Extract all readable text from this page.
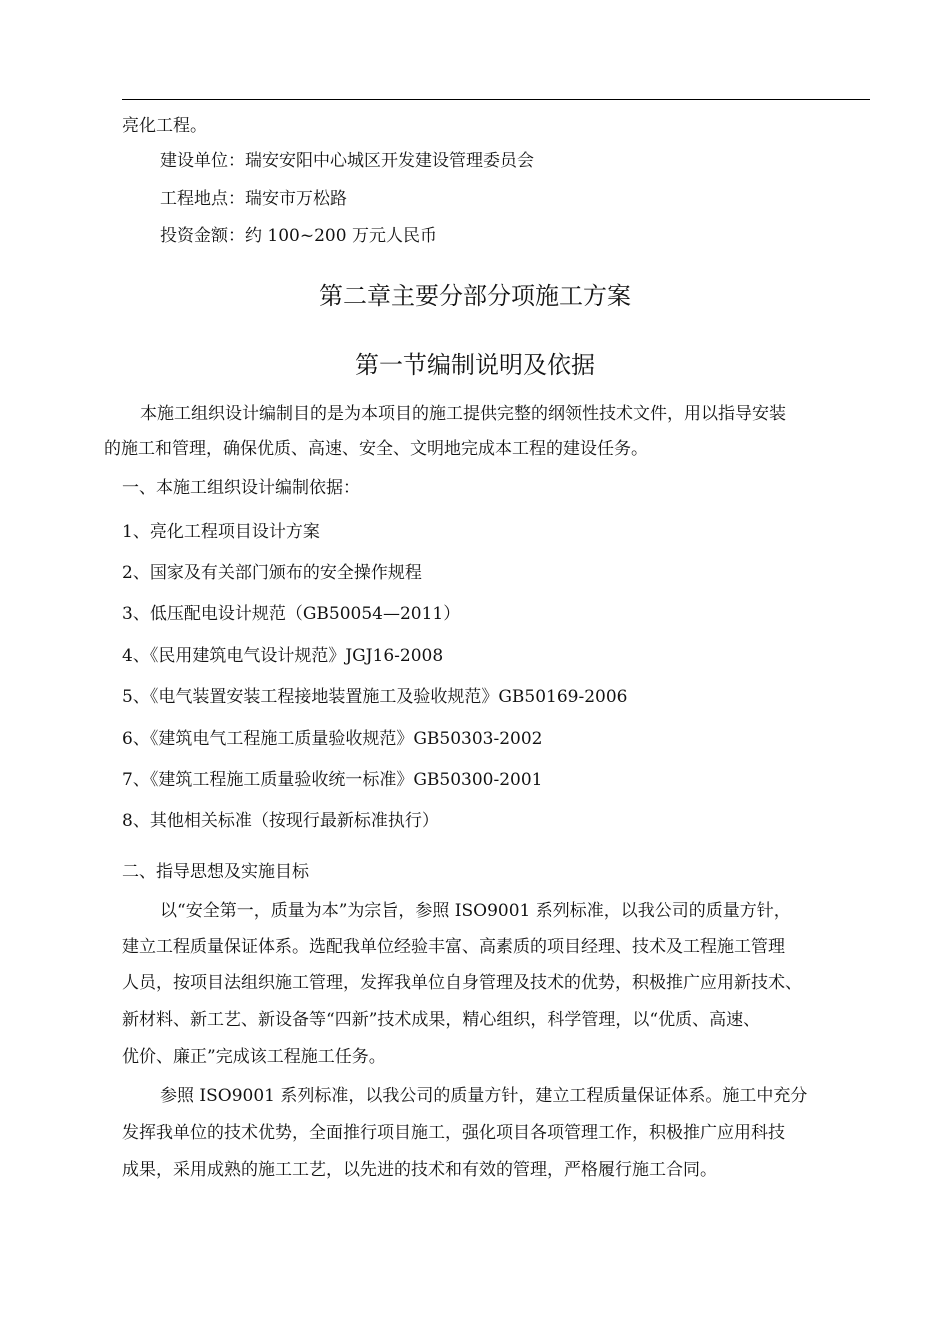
亮化工程。
建设单位：瑞安安阳中心城区开发建设管理委员会
工程地点：瑞安市万松路
投资金额：约 100~200 万元人民币
第二章主要分部分项施工方案
第一节编制说明及依据
本施工组织设计编制目的是为本项目的施工提供完整的纲领性技术文件，用以指导安装
的施工和管理，确保优质、高速、安全、文明地完成本工程的建设任务。
一、本施工组织设计编制依据：
1、亮化工程项目设计方案
2、国家及有关部门颁布的安全操作规程
3、低压配电设计规范（GB50054—2011）
4、《民用建筑电气设计规范》JGJ16-2008
5、《电气装置安装工程接地装置施工及验收规范》GB50169-2006
6、《建筑电气工程施工质量验收规范》GB50303-2002
7、《建筑工程施工质量验收统一标准》GB50300-2001
8、其他相关标准（按现行最新标准执行）
二、指导思想及实施目标
以“安全第一，质量为本”为宗旨，参照 ISO9001 系列标准，以我公司的质量方针，
建立工程质量保证体系。选配我单位经验丰富、高素质的项目经理、技术及工程施工管理
人员，按项目法组织施工管理，发挥我单位自身管理及技术的优势，积极推广应用新技术、
新材料、新工艺、新设备等“四新”技术成果，精心组织，科学管理，以“优质、高速、
优价、廉正”完成该工程施工任务。
参照 ISO9001 系列标准，以我公司的质量方针，建立工程质量保证体系。施工中充分
发挥我单位的技术优势，全面推行项目施工，强化项目各项管理工作，积极推广应用科技
成果，采用成熟的施工工艺，以先进的技术和有效的管理，严格履行施工合同。
